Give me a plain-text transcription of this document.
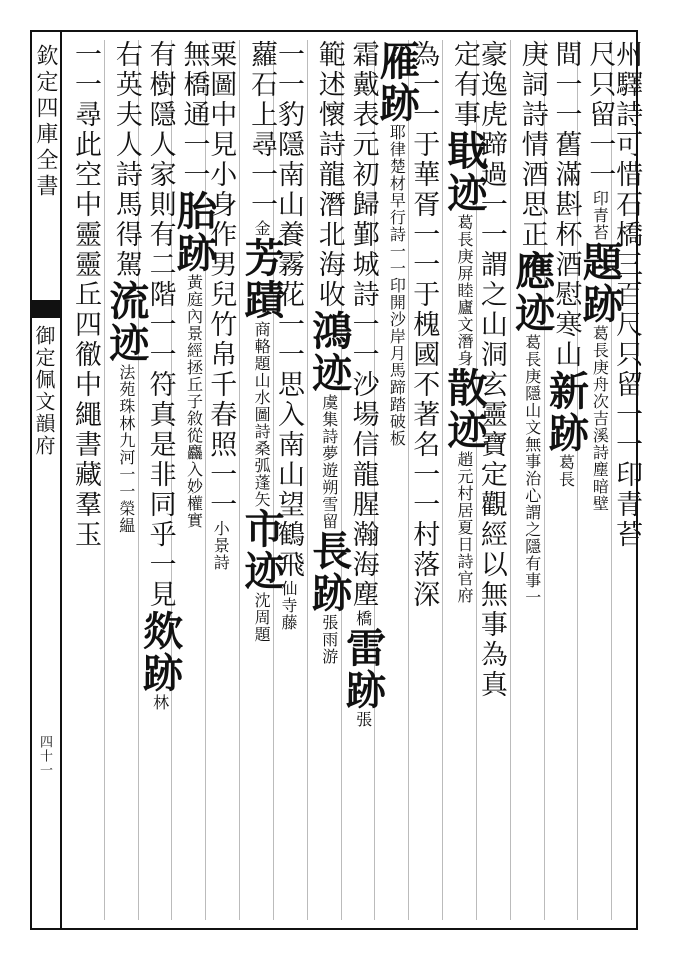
欽定四庫全書
御定佩文韻府
四十一
州驛詩可惜石橋三百尺只留一一印青苔
尺只留一一印青苔題跡葛長庚舟次吉溪詩塵暗壁
間一一舊滿斟杯酒慰寒山新跡葛長
庚詞詩情酒思正應迹葛長庚隱山文無事治心謂之隱有事一
豪逸虎蹄過一一謂之山洞玄靈寶定觀經以無事為真
定有事戢迹葛長庚屏睦廬文潛身散迹趙元村居夏日詩官府
為一一于華胥一一于槐國不著名一一村落深
雁跡耶律楚材早行詩一一印開沙岸月馬蹄踏破板
霜戴表元初歸鄞城詩一一沙場信龍腥瀚海塵橋雷跡張
範述懷詩龍潛北海收鴻迹虞集詩夢遊朔雪留長跡張雨游
一一豹隱南山養霧花一一思入南山望鶴飛仙寺藤
蘿石上尋一一金芳蹟商輅題山水圖詩桑弧蓬矢市迹沈周題
粟圖中見小身作男兒竹帛千春照一一小景詩
無橋通一一胎跡黃庭內景經拯丘子敘從麤入妙權實
有樹隱人家則有二階一一符真是非同乎一見欻跡林
右英夫人詩馬得駕流迹法苑珠林九河一一榮緼
一一尋此空中靈靈丘四徹中繩書藏羣玉
